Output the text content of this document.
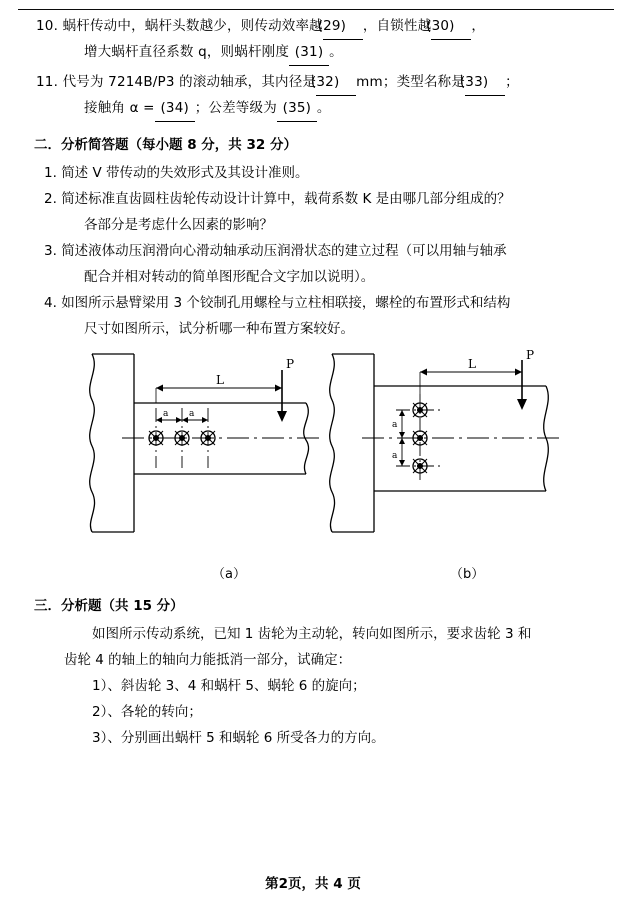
10. 蜗杆传动中，蜗杆头数越少，则传动效率越(29) ，自锁性越(30) ，
增大蜗杆直径系数 q，则蜗杆刚度 (31) 。
11. 代号为 7214B/P3 的滚动轴承，其内径是(32) mm；类型名称是(33) ；
接触角 α = (34) ；公差等级为 (35) 。
二．分析简答题（每小题 8 分，共 32 分）
1. 简述 V 带传动的失效形式及其设计准则。
2. 简述标准直齿圆柱齿轮传动设计计算中，载荷系数 K 是由哪几部分组成的？
各部分是考虑什么因素的影响？
3. 简述液体动压润滑向心滑动轴承动压润滑状态的建立过程（可以用轴与轴承
配合并相对转动的简单图形配合文字加以说明）。
4. 如图所示悬臂梁用 3 个铰制孔用螺栓与立柱相联接，螺栓的布置形式和结构
尺寸如图所示，试分析哪一种布置方案较好。
L
P
a a
L
P
a
a
（a）	（b）
三．分析题（共 15 分）
如图所示传动系统，已知 1 齿轮为主动轮，转向如图所示，要求齿轮 3 和
齿轮 4 的轴上的轴向力能抵消一部分，试确定：
1）、斜齿轮 3、4 和蜗杆 5、蜗轮 6 的旋向；
2）、各轮的转向；
3）、分别画出蜗杆 5 和蜗轮 6 所受各力的方向。
第2页，共 4 页
